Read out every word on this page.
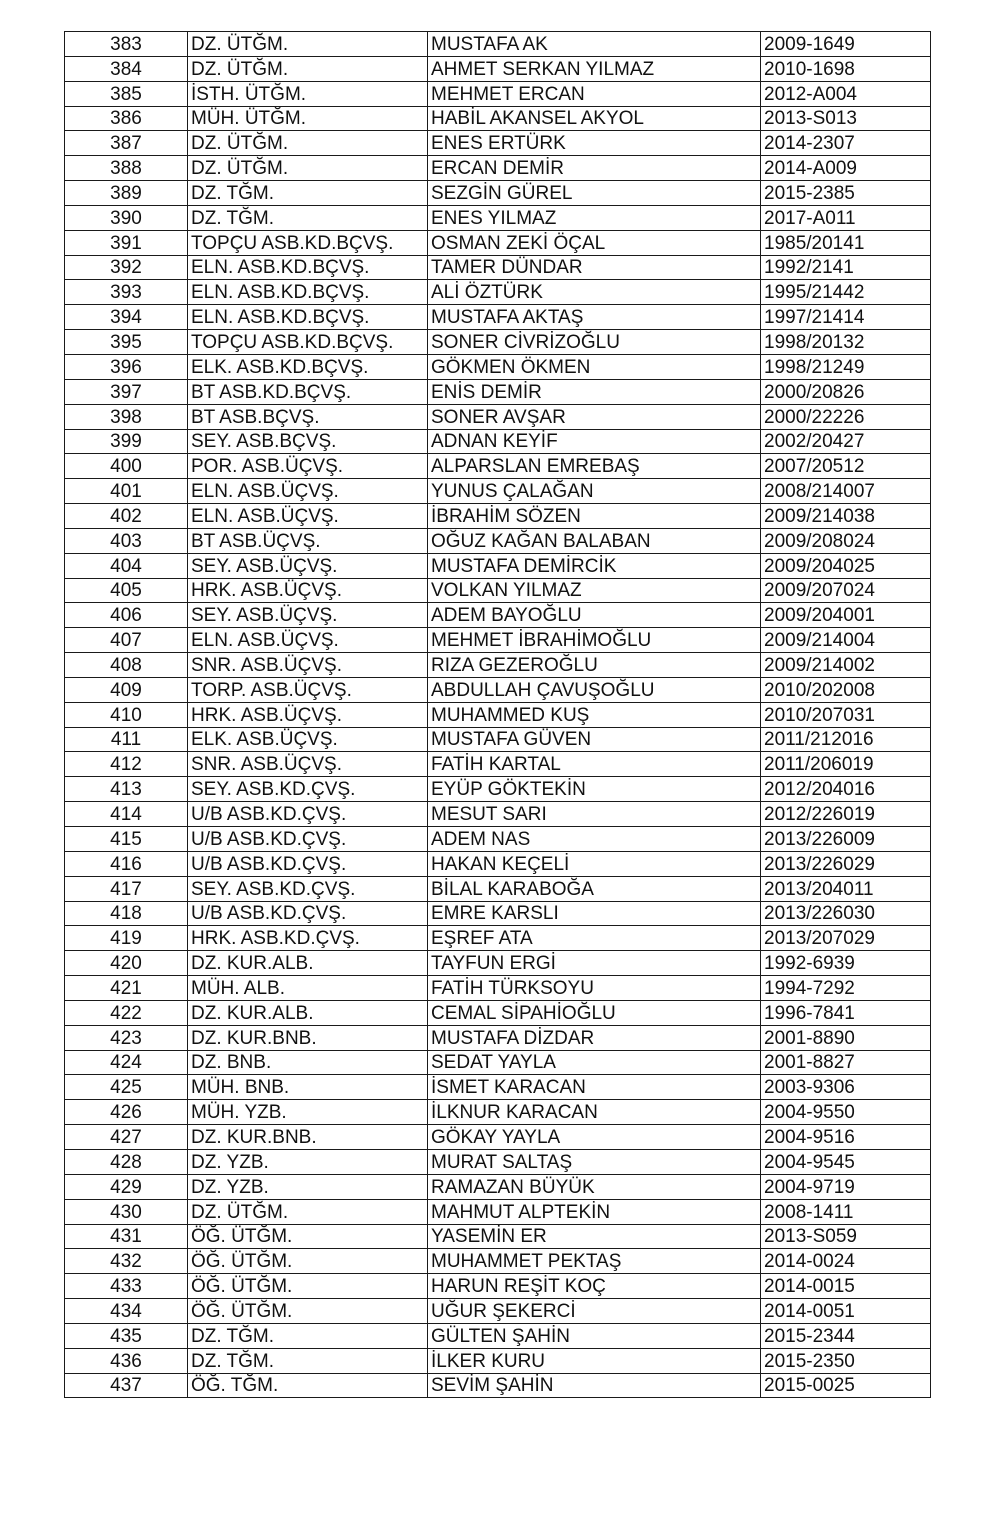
383	DZ. ÜTĞM.	MUSTAFA AK	2009-1649
384	DZ. ÜTĞM.	AHMET SERKAN YILMAZ	2010-1698
385	İSTH. ÜTĞM.	MEHMET ERCAN	2012-A004
386	MÜH. ÜTĞM.	HABİL AKANSEL AKYOL	2013-S013
387	DZ. ÜTĞM.	ENES ERTÜRK	2014-2307
388	DZ. ÜTĞM.	ERCAN DEMİR	2014-A009
389	DZ. TĞM.	SEZGİN GÜREL	2015-2385
390	DZ. TĞM.	ENES YILMAZ	2017-A011
391	TOPÇU ASB.KD.BÇVŞ.	OSMAN ZEKİ ÖÇAL	1985/20141
392	ELN. ASB.KD.BÇVŞ.	TAMER DÜNDAR	1992/2141
393	ELN. ASB.KD.BÇVŞ.	ALİ ÖZTÜRK	1995/21442
394	ELN. ASB.KD.BÇVŞ.	MUSTAFA AKTAŞ	1997/21414
395	TOPÇU ASB.KD.BÇVŞ.	SONER CİVRİZOĞLU	1998/20132
396	ELK. ASB.KD.BÇVŞ.	GÖKMEN ÖKMEN	1998/21249
397	BT ASB.KD.BÇVŞ.	ENİS DEMİR	2000/20826
398	BT ASB.BÇVŞ.	SONER AVŞAR	2000/22226
399	SEY. ASB.BÇVŞ.	ADNAN KEYİF	2002/20427
400	POR. ASB.ÜÇVŞ.	ALPARSLAN EMREBAŞ	2007/20512
401	ELN. ASB.ÜÇVŞ.	YUNUS ÇALAĞAN	2008/214007
402	ELN. ASB.ÜÇVŞ.	İBRAHİM SÖZEN	2009/214038
403	BT ASB.ÜÇVŞ.	OĞUZ KAĞAN BALABAN	2009/208024
404	SEY. ASB.ÜÇVŞ.	MUSTAFA DEMİRCİK	2009/204025
405	HRK. ASB.ÜÇVŞ.	VOLKAN YILMAZ	2009/207024
406	SEY. ASB.ÜÇVŞ.	ADEM BAYOĞLU	2009/204001
407	ELN. ASB.ÜÇVŞ.	MEHMET İBRAHİMOĞLU	2009/214004
408	SNR. ASB.ÜÇVŞ.	RIZA GEZEROĞLU	2009/214002
409	TORP. ASB.ÜÇVŞ.	ABDULLAH ÇAVUŞOĞLU	2010/202008
410	HRK. ASB.ÜÇVŞ.	MUHAMMED KUŞ	2010/207031
411	ELK. ASB.ÜÇVŞ.	MUSTAFA GÜVEN	2011/212016
412	SNR. ASB.ÜÇVŞ.	FATİH KARTAL	2011/206019
413	SEY. ASB.KD.ÇVŞ.	EYÜP GÖKTEKİN	2012/204016
414	U/B ASB.KD.ÇVŞ.	MESUT SARI	2012/226019
415	U/B ASB.KD.ÇVŞ.	ADEM NAS	2013/226009
416	U/B ASB.KD.ÇVŞ.	HAKAN KEÇELİ	2013/226029
417	SEY. ASB.KD.ÇVŞ.	BİLAL KARABOĞA	2013/204011
418	U/B ASB.KD.ÇVŞ.	EMRE KARSLI	2013/226030
419	HRK. ASB.KD.ÇVŞ.	EŞREF ATA	2013/207029
420	DZ. KUR.ALB.	TAYFUN ERGİ	1992-6939
421	MÜH. ALB.	FATİH TÜRKSOYU	1994-7292
422	DZ. KUR.ALB.	CEMAL SİPAHİOĞLU	1996-7841
423	DZ. KUR.BNB.	MUSTAFA DİZDAR	2001-8890
424	DZ. BNB.	SEDAT YAYLA	2001-8827
425	MÜH. BNB.	İSMET KARACAN	2003-9306
426	MÜH. YZB.	İLKNUR KARACAN	2004-9550
427	DZ. KUR.BNB.	GÖKAY YAYLA	2004-9516
428	DZ. YZB.	MURAT SALTAŞ	2004-9545
429	DZ. YZB.	RAMAZAN BÜYÜK	2004-9719
430	DZ. ÜTĞM.	MAHMUT ALPTEKİN	2008-1411
431	ÖĞ. ÜTĞM.	YASEMİN ER	2013-S059
432	ÖĞ. ÜTĞM.	MUHAMMET PEKTAŞ	2014-0024
433	ÖĞ. ÜTĞM.	HARUN REŞİT KOÇ	2014-0015
434	ÖĞ. ÜTĞM.	UĞUR ŞEKERCİ	2014-0051
435	DZ. TĞM.	GÜLTEN ŞAHİN	2015-2344
436	DZ. TĞM.	İLKER KURU	2015-2350
437	ÖĞ. TĞM.	SEVİM ŞAHİN	2015-0025
